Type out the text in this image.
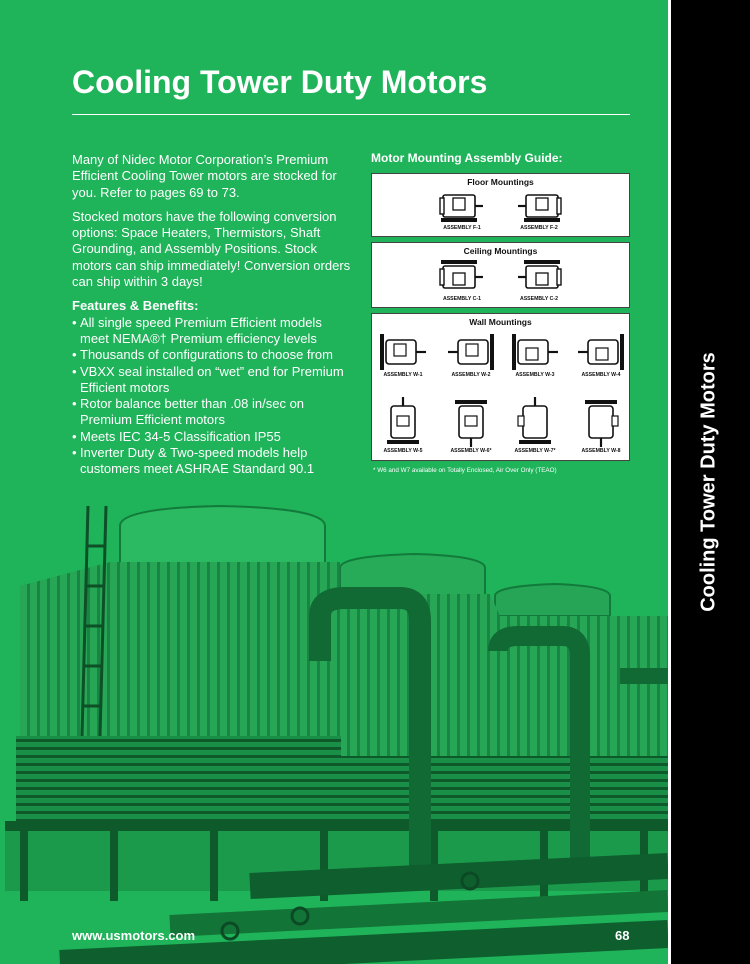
Cooling Tower Duty Motors

Many of Nidec Motor Corporation’s Premium Efficient Cooling Tower motors are stocked for you. Refer to pages 69 to 73.

Stocked motors have the following conversion options: Space Heaters, Thermistors, Shaft Grounding, and Assembly Positions. Stock motors can ship immediately! Conversion orders can ship within 3 days!

Features & Benefits:
• All single speed Premium Efficient models meet NEMA®† Premium efficiency levels
• Thousands of configurations to choose from
• VBXX seal installed on “wet” end for Premium Efficient motors
• Rotor balance better than .08 in/sec on Premium Efficient motors
• Meets IEC 34-5 Classification IP55
• Inverter Duty & Two-speed models help customers meet ASHRAE Standard 90.1
Motor Mounting Assembly Guide:
Floor Mountings
ASSEMBLY F-1	ASSEMBLY F-2
Ceiling Mountings
ASSEMBLY C-1	ASSEMBLY C-2
Wall Mountings
ASSEMBLY W-1	ASSEMBLY W-2	ASSEMBLY W-3	ASSEMBLY W-4
ASSEMBLY W-5	ASSEMBLY W-6*	ASSEMBLY W-7*	ASSEMBLY W-8
* W6 and W7 available on Totally Enclosed, Air Over Only (TEAO)
www.usmotors.com	68
Cooling Tower Duty Motors
